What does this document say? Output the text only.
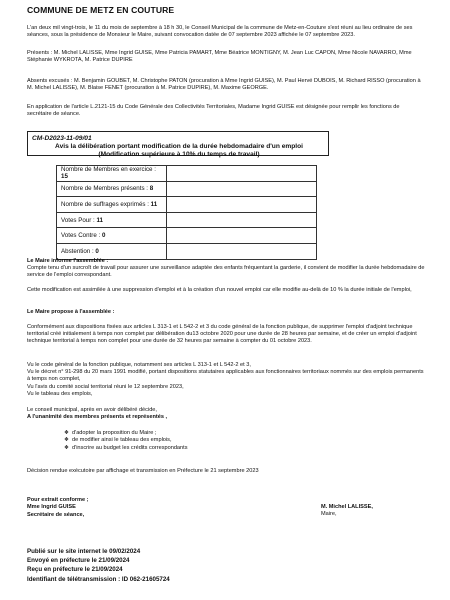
COMMUNE DE METZ EN COUTURE

L'an deux mil vingt-trois, le 11 du mois de septembre à 18 h 30, le Conseil Municipal de la commune de Metz-en-Couture s'est réuni au lieu ordinaire de ses séances, sous la présidence de Monsieur le Maire, suivant convocation datée de 07 septembre 2023 affichée le 07 septembre 2023.

Présents : M. Michel LALISSE, Mme Ingrid GUISE, Mme Patricia PAMART, Mme Béatrice MONTIGNY, M. Jean Luc CAPON, Mme Nicole NAVARRO, Mme Stéphanie WYKROTA, M. Patrice DUPIRE

Absents excusés : M. Benjamin GOUBET, M. Christophe PATON (procuration à Mme Ingrid GUISE), M. Paul Hervé DUBOIS, M. Richard RISSO (procuration à M. Michel LALISSE), M. Blaise FENET (procuration à M. Patrice DUPIRE), M. Maxime GEORGE.

En application de l'article L.2121-15 du Code Générale des Collectivités Territoriales, Madame Ingrid GUISE est désignée pour remplir les fonctions de secrétaire de séance.

CM-D2023-11-09/01
Avis la délibération portant modification de la durée hebdomadaire d'un emploi
(Modification supérieure à 10% du temps de travail)
Nombre de Membres en exercice : 15	
Nombre de Membres présents : 8	
Nombre de suffrages exprimés : 11	
Votes Pour : 11	
Votes Contre : 0	
Abstention : 0	

Le Maire informe l'assemblée :

Compte tenu d'un surcroît de travail pour assurer une surveillance adaptée des enfants fréquentant la garderie, il convient de modifier la durée hebdomadaire de service de l'emploi correspondant.

Cette modification est assimilée à une suppression d'emploi et à la création d'un nouvel emploi car elle modifie au-delà de 10 % la durée initiale de l'emploi,

Le Maire propose à l'assemblée :

Conformément aux dispositions fixées aux articles L 313-1 et L 542-2 et 3 du code général de la fonction publique, de supprimer l'emploi d'adjoint technique territorial créé initialement à temps non complet par délibération du13 octobre 2020 pour une durée de 28 heures par semaine, et de créer un emploi d'adjoint technique territorial à temps non complet pour une durée de 32 heures par semaine à compter du 01 octobre 2023.

Vu le code général de la fonction publique, notamment ses articles L 313-1 et L 542-2 et 3,

Vu le décret n° 91-298 du 20 mars 1991 modifié, portant dispositions statutaires applicables aux fonctionnaires territoriaux nommés sur des emplois permanents à temps non complet,

Vu l'avis du comité social territorial réuni le 12 septembre 2023,

Vu le tableau des emplois,

Le conseil municipal, après en avoir délibéré décide,

A l'unanimité des membres présents et représentés ,

❖ d'adopter la proposition du Maire ;
❖ de modifier ainsi le tableau des emplois,
❖ d'inscrire au budget les crédits correspondants

Décision rendue exécutoire par affichage et transmission en Préfecture le 21 septembre 2023

Pour extrait conforme ;
Mme Ingrid GUISE
Secrétaire de séance,
M. Michel LALISSE,
Maire,
Publié sur le site internet le 09/02/2024
Envoyé en préfecture le 21/09/2024
Reçu en préfecture le 21/09/2024
Identifiant de télétransmission : ID 062-21605724
